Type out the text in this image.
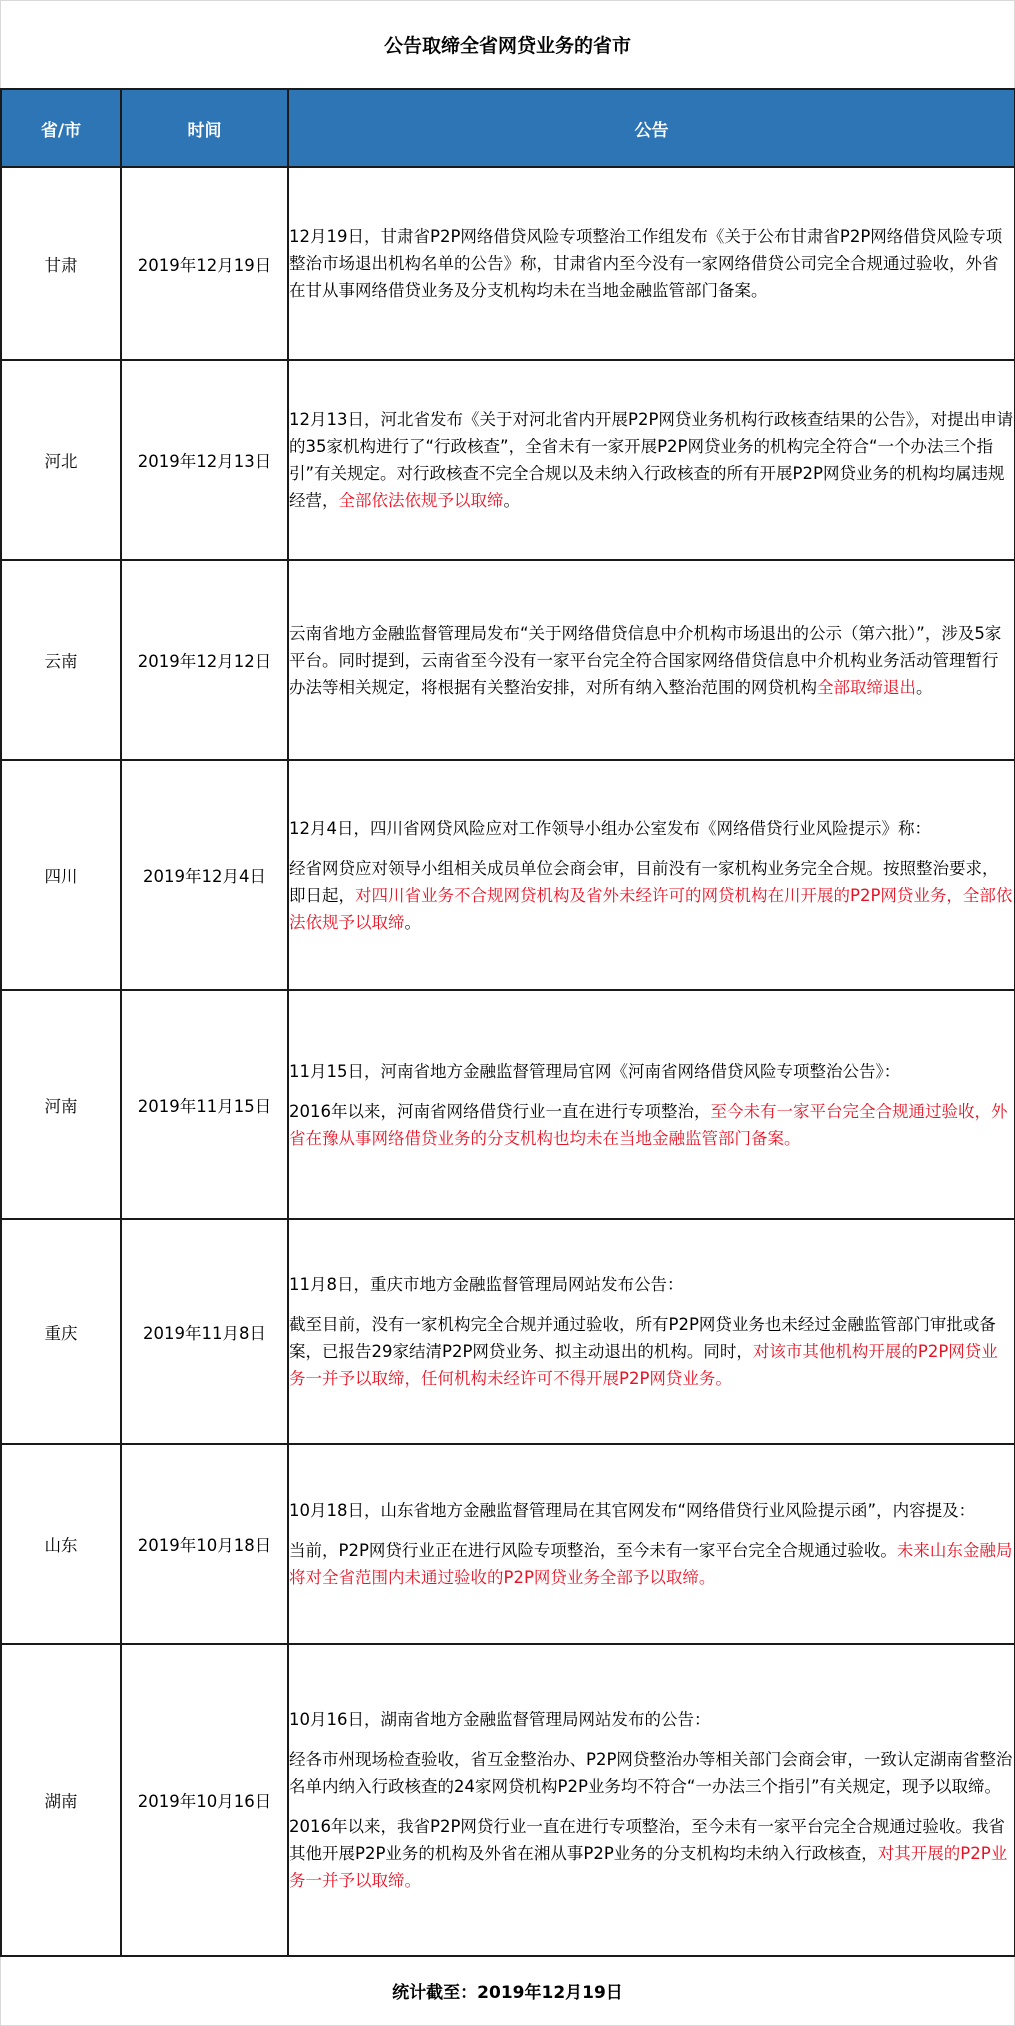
公告取缔全省网贷业务的省市
省/市	时间	公告
甘肃	2019年12月19日	12月19日，甘肃省P2P网络借贷风险专项整治工作组发布《关于公布甘肃省P2P网络借贷风险专项整治市场退出机构名单的公告》称，甘肃省内至今没有一家网络借贷公司完全合规通过验收，外省在甘从事网络借贷业务及分支机构均未在当地金融监管部门备案。

河北	2019年12月13日	12月13日，河北省发布《关于对河北省内开展P2P网贷业务机构行政核查结果的公告》，对提出申请的35家机构进行了“行政核查”，全省未有一家开展P2P网贷业务的机构完全符合“一个办法三个指引”有关规定。对行政核查不完全合规以及未纳入行政核查的所有开展P2P网贷业务的机构均属违规经营，全部依法依规予以取缔。

云南	2019年12月12日	云南省地方金融监督管理局发布“关于网络借贷信息中介机构市场退出的公示（第六批）”，涉及5家平台。同时提到，云南省至今没有一家平台完全符合国家网络借贷信息中介机构业务活动管理暂行办法等相关规定，将根据有关整治安排，对所有纳入整治范围的网贷机构全部取缔退出。

四川	2019年12月4日	12月4日，四川省网贷风险应对工作领导小组办公室发布《网络借贷行业风险提示》称：

经省网贷应对领导小组相关成员单位会商会审，目前没有一家机构业务完全合规。按照整治要求，即日起，对四川省业务不合规网贷机构及省外未经许可的网贷机构在川开展的P2P网贷业务，全部依法依规予以取缔。

河南	2019年11月15日	11月15日，河南省地方金融监督管理局官网《河南省网络借贷风险专项整治公告》：

2016年以来，河南省网络借贷行业一直在进行专项整治，至今未有一家平台完全合规通过验收，外省在豫从事网络借贷业务的分支机构也均未在当地金融监管部门备案。

重庆	2019年11月8日	11月8日，重庆市地方金融监督管理局网站发布公告：

截至目前，没有一家机构完全合规并通过验收，所有P2P网贷业务也未经过金融监管部门审批或备案，已报告29家结清P2P网贷业务、拟主动退出的机构。同时，对该市其他机构开展的P2P网贷业务一并予以取缔，任何机构未经许可不得开展P2P网贷业务。

山东	2019年10月18日	10月18日，山东省地方金融监督管理局在其官网发布“网络借贷行业风险提示函”，内容提及：

当前，P2P网贷行业正在进行风险专项整治，至今未有一家平台完全合规通过验收。未来山东金融局将对全省范围内未通过验收的P2P网贷业务全部予以取缔。

湖南	2019年10月16日	10月16日，湖南省地方金融监督管理局网站发布的公告：

经各市州现场检查验收，省互金整治办、P2P网贷整治办等相关部门会商会审，一致认定湖南省整治名单内纳入行政核查的24家网贷机构P2P业务均不符合“一办法三个指引”有关规定，现予以取缔。

2016年以来，我省P2P网贷行业一直在进行专项整治，至今未有一家平台完全合规通过验收。我省其他开展P2P业务的机构及外省在湘从事P2P业务的分支机构均未纳入行政核查，对其开展的P2P业务一并予以取缔。

统计截至：2019年12月19日
